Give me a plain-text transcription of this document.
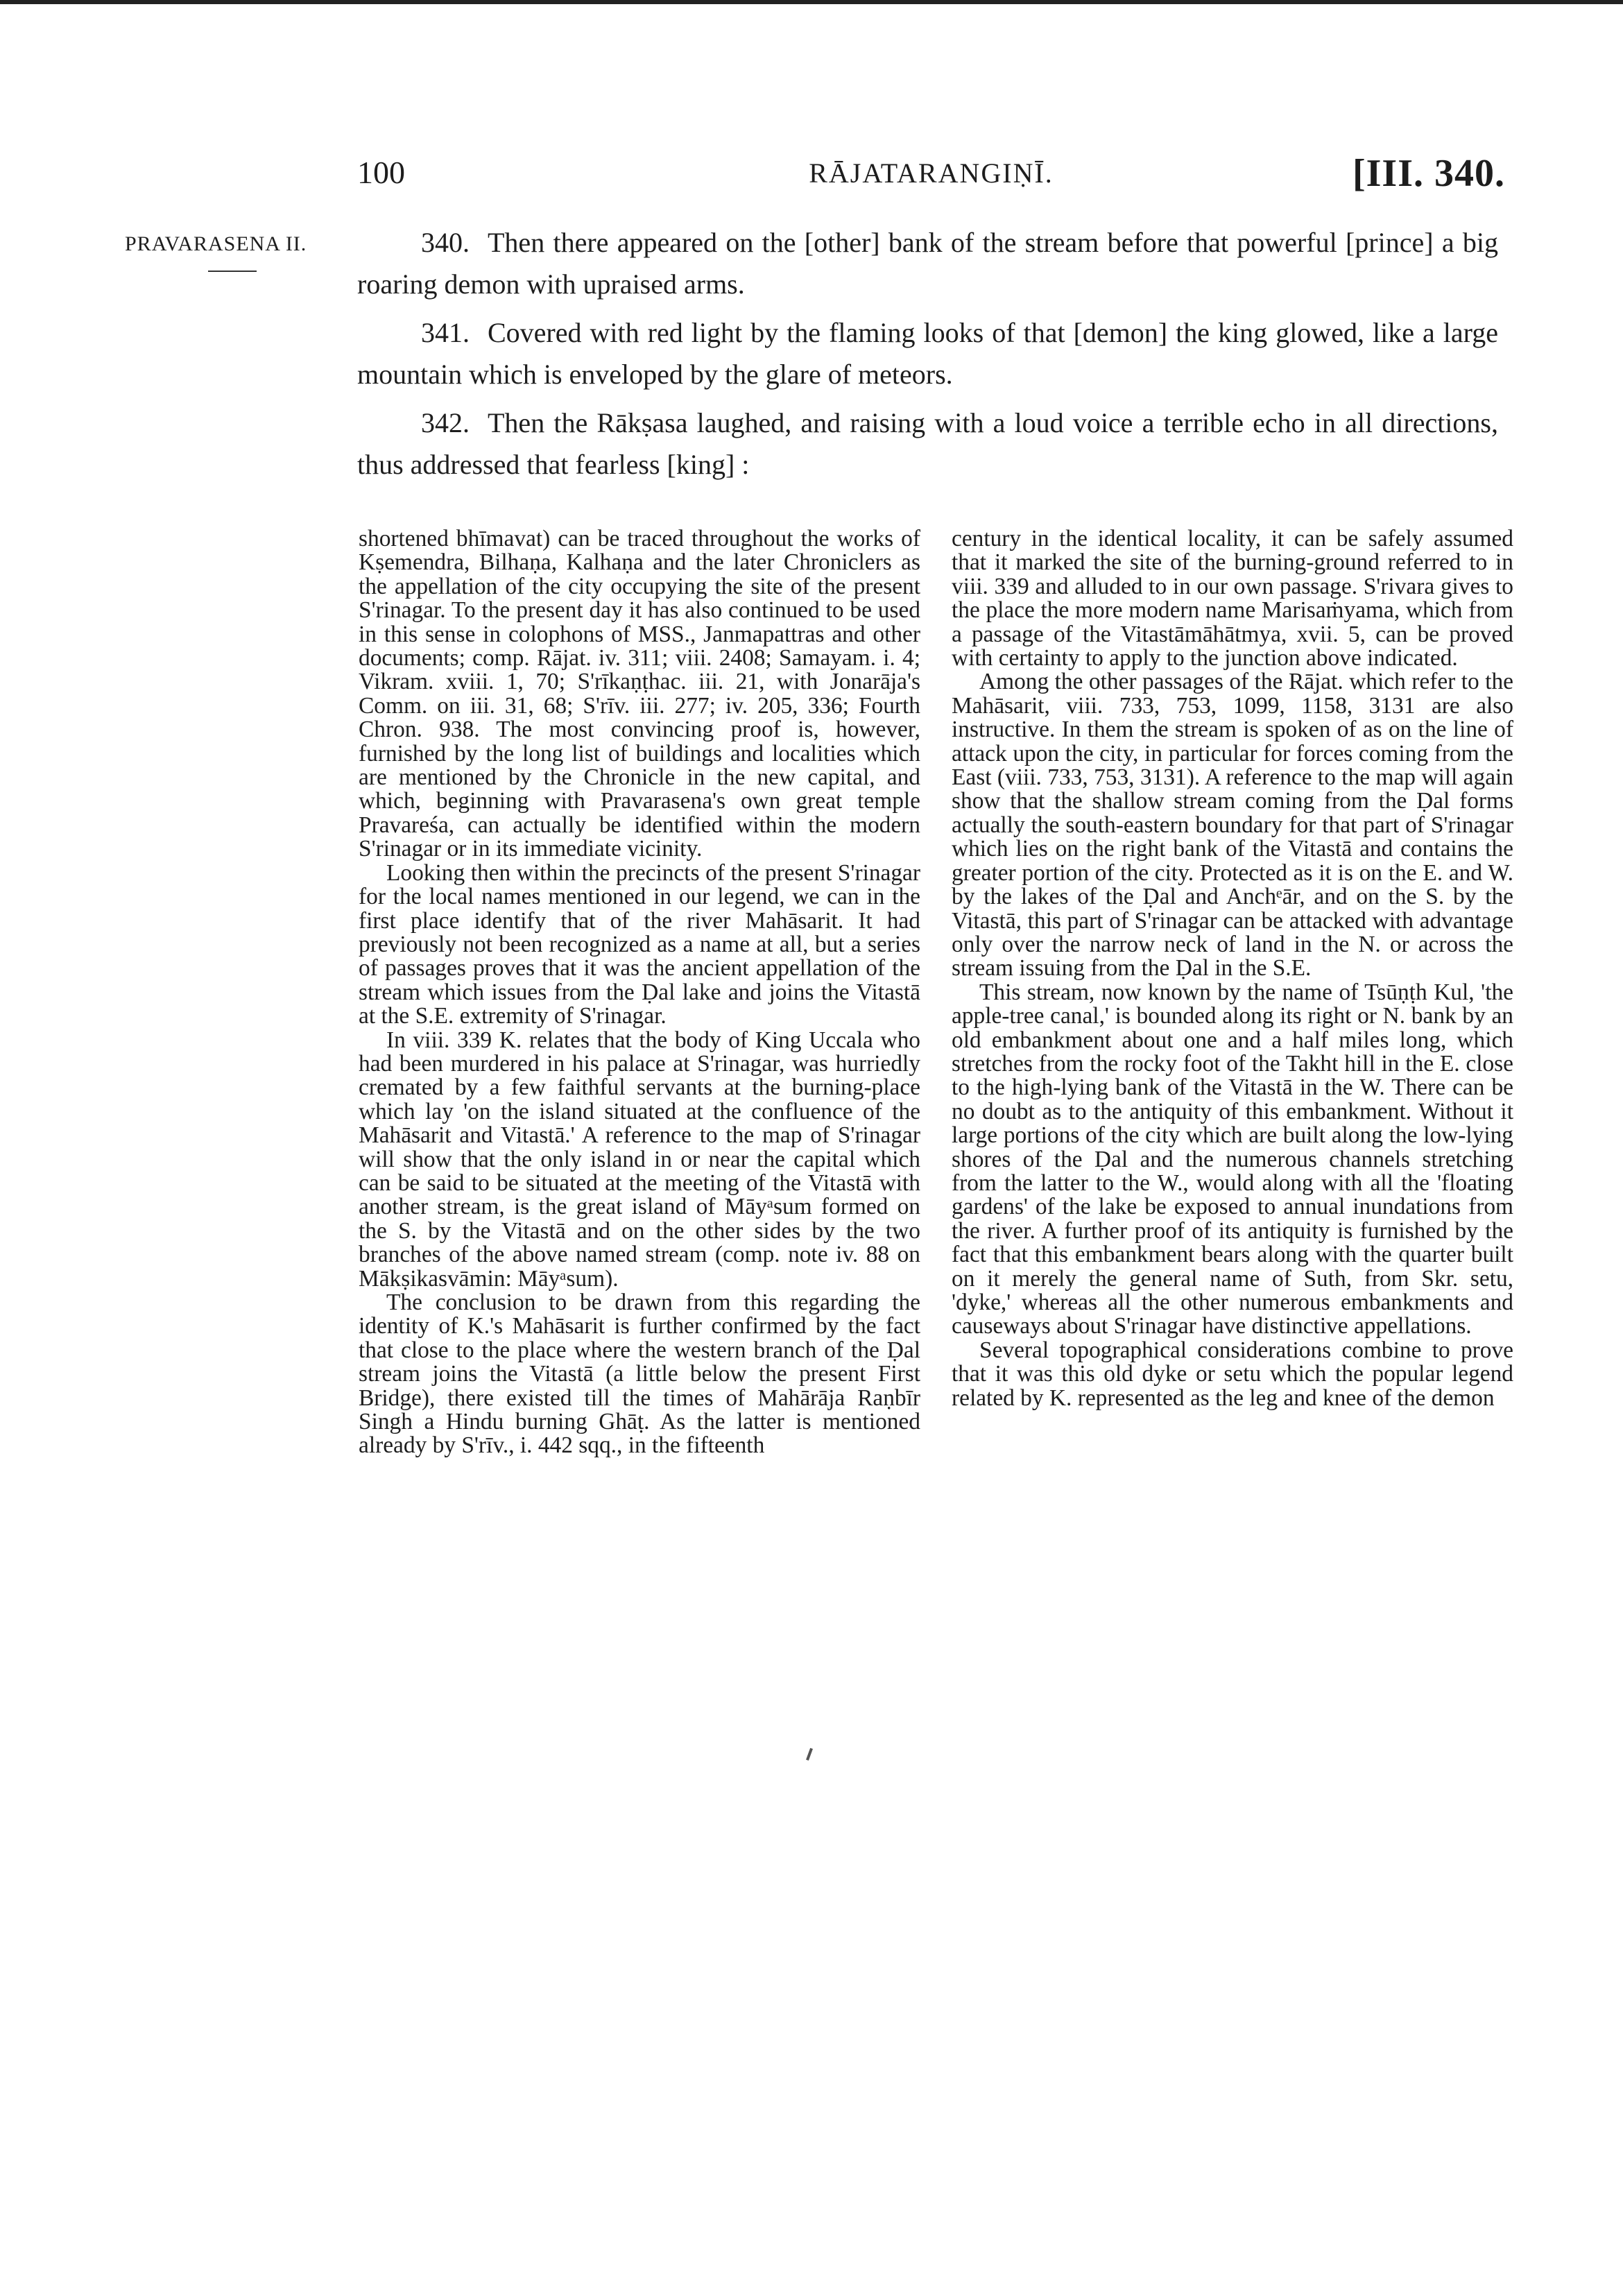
100	RĀJATARANGIṆĪ.	[III. 340.
PRAVARASENA II.	340. Then there appeared on the [other] bank of the stream before that powerful [prince] a big roaring demon with upraised arms.

341. Covered with red light by the flaming looks of that [demon] the king glowed, like a large mountain which is enveloped by the glare of meteors.

342. Then the Rākṣasa laughed, and raising with a loud voice a terrible echo in all directions, thus addressed that fearless [king] :

shortened bhīmavat) can be traced throughout the works of Kṣemendra, Bilhaṇa, Kalhaṇa and the later Chroniclers as the appellation of the city occupying the site of the present S'rinagar. To the present day it has also continued to be used in this sense in colophons of MSS., Janmapattras and other documents; comp. Rājat. iv. 311; viii. 2408; Samayam. i. 4; Vikram. xviii. 1, 70; S'rīkaṇṭhac. iii. 21, with Jonarāja's Comm. on iii. 31, 68; S'rīv. iii. 277; iv. 205, 336; Fourth Chron. 938. The most convincing proof is, however, furnished by the long list of buildings and localities which are mentioned by the Chronicle in the new capital, and which, beginning with Pravarasena's own great temple Pravareśa, can actually be identified within the modern S'rinagar or in its immediate vicinity.

Looking then within the precincts of the present S'rinagar for the local names mentioned in our legend, we can in the first place identify that of the river Mahāsarit. It had previously not been recognized as a name at all, but a series of passages proves that it was the ancient appellation of the stream which issues from the Ḍal lake and joins the Vitastā at the S.E. extremity of S'rinagar.

In viii. 339 K. relates that the body of King Uccala who had been murdered in his palace at S'rinagar, was hurriedly cremated by a few faithful servants at the burning-place which lay 'on the island situated at the confluence of the Mahāsarit and Vitastā.' A reference to the map of S'rinagar will show that the only island in or near the capital which can be said to be situated at the meeting of the Vitastā with another stream, is the great island of Māyᵃsum formed on the S. by the Vitastā and on the other sides by the two branches of the above named stream (comp. note iv. 88 on Mākṣikasvāmin: Māyᵃsum).

The conclusion to be drawn from this regarding the identity of K.'s Mahāsarit is further confirmed by the fact that close to the place where the western branch of the Ḍal stream joins the Vitastā (a little below the present First Bridge), there existed till the times of Mahārāja Raṇbīr Singh a Hindu burning Ghāṭ. As the latter is mentioned already by S'rīv., i. 442 sqq., in the fifteenth

century in the identical locality, it can be safely assumed that it marked the site of the burning-ground referred to in viii. 339 and alluded to in our own passage. S'rivara gives to the place the more modern name Marisaṁyama, which from a passage of the Vitastāmāhātmya, xvii. 5, can be proved with certainty to apply to the junction above indicated.

Among the other passages of the Rājat. which refer to the Mahāsarit, viii. 733, 753, 1099, 1158, 3131 are also instructive. In them the stream is spoken of as on the line of attack upon the city, in particular for forces coming from the East (viii. 733, 753, 3131). A reference to the map will again show that the shallow stream coming from the Ḍal forms actually the south-eastern boundary for that part of S'rinagar which lies on the right bank of the Vitastā and contains the greater portion of the city. Protected as it is on the E. and W. by the lakes of the Ḍal and Anchᵉār, and on the S. by the Vitastā, this part of S'rinagar can be attacked with advantage only over the narrow neck of land in the N. or across the stream issuing from the Ḍal in the S.E.

This stream, now known by the name of Tsūṇṭh Kul, 'the apple-tree canal,' is bounded along its right or N. bank by an old embankment about one and a half miles long, which stretches from the rocky foot of the Takht hill in the E. close to the high-lying bank of the Vitastā in the W. There can be no doubt as to the antiquity of this embankment. Without it large portions of the city which are built along the low-lying shores of the Ḍal and the numerous channels stretching from the latter to the W., would along with all the 'floating gardens' of the lake be exposed to annual inundations from the river. A further proof of its antiquity is furnished by the fact that this embankment bears along with the quarter built on it merely the general name of Suth, from Skr. setu, 'dyke,' whereas all the other numerous embankments and causeways about S'rinagar have distinctive appellations.

Several topographical considerations combine to prove that it was this old dyke or setu which the popular legend related by K. represented as the leg and knee of the demon
